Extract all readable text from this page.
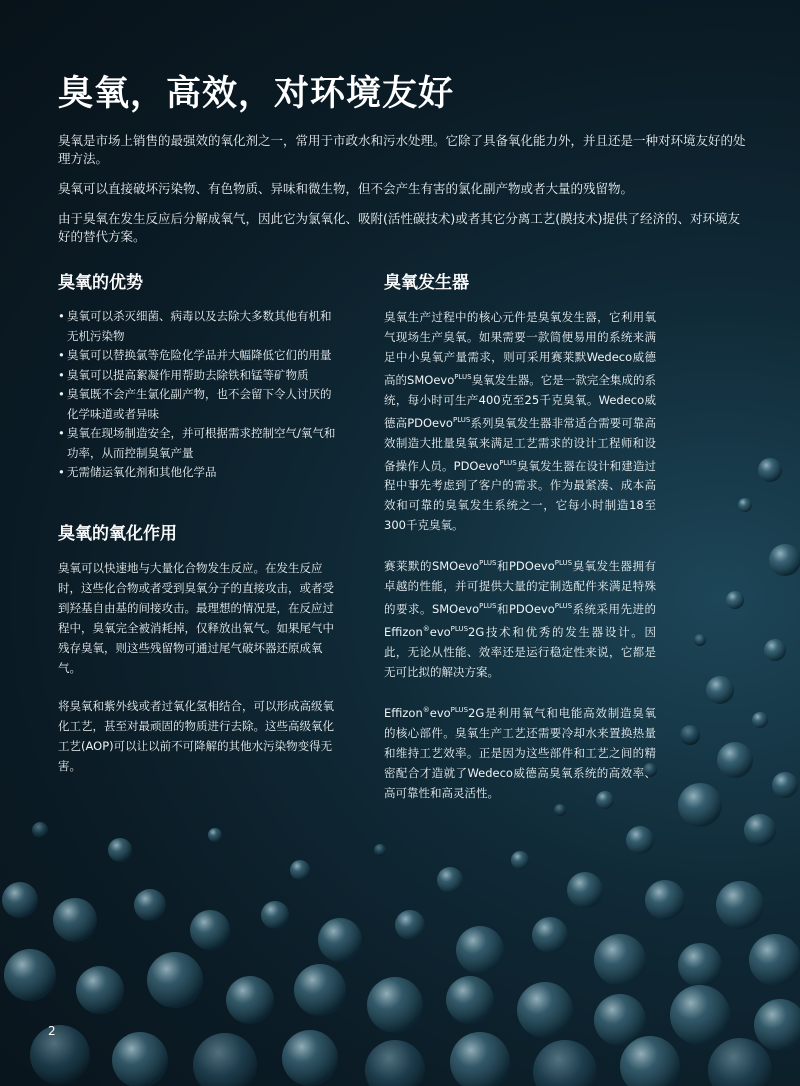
臭氧，高效，对环境友好

臭氧是市场上销售的最强效的氧化剂之一，常用于市政水和污水处理。它除了具备氧化能力外，并且还是一种对环境友好的处理方法。

臭氧可以直接破坏污染物、有色物质、异味和微生物，但不会产生有害的氯化副产物或者大量的残留物。

由于臭氧在发生反应后分解成氧气，因此它为氯氧化、吸附(活性碳技术)或者其它分离工艺(膜技术)提供了经济的、对环境友好的替代方案。

臭氧的优势
• 臭氧可以杀灭细菌、病毒以及去除大多数其他有机和无机污染物
• 臭氧可以替换氯等危险化学品并大幅降低它们的用量
• 臭氧可以提高絮凝作用帮助去除铁和锰等矿物质
• 臭氧既不会产生氯化副产物，也不会留下令人讨厌的化学味道或者异味
• 臭氧在现场制造安全，并可根据需求控制空气/氧气和功率，从而控制臭氧产量
• 无需储运氧化剂和其他化学品
臭氧的氧化作用

臭氧可以快速地与大量化合物发生反应。在发生反应时，这些化合物或者受到臭氧分子的直接攻击，或者受到羟基自由基的间接攻击。最理想的情况是，在反应过程中，臭氧完全被消耗掉，仅释放出氧气。如果尾气中残存臭氧，则这些残留物可通过尾气破坏器还原成氧气。

将臭氧和紫外线或者过氧化氢相结合，可以形成高级氧化工艺，甚至对最顽固的物质进行去除。这些高级氧化工艺(AOP)可以让以前不可降解的其他水污染物变得无害。

臭氧发生器

臭氧生产过程中的核心元件是臭氧发生器，它利用氧气现场生产臭氧。如果需要一款简便易用的系统来满足中小臭氧产量需求，则可采用赛莱默Wedeco威德高的SMOevo$^{PLUS}$臭氧发生器。它是一款完全集成的系统，每小时可生产400克至25千克臭氧。Wedeco威德高PDOevo$^{PLUS}$系列臭氧发生器非常适合需要可靠高效制造大批量臭氧来满足工艺需求的设计工程师和设备操作人员。PDOevo$^{PLUS}$臭氧发生器在设计和建造过程中事先考虑到了客户的需求。作为最紧凑、成本高效和可靠的臭氧发生系统之一，它每小时制造18至300千克臭氧。

赛莱默的SMOevo$^{PLUS}$和PDOevo$^{PLUS}$臭氧发生器拥有卓越的性能，并可提供大量的定制选配件来满足特殊的要求。SMOevo$^{PLUS}$和PDOevo$^{PLUS}$系统采用先进的Effizon®evo$^{PLUS}$2G技术和优秀的发生器设计。因此，无论从性能、效率还是运行稳定性来说，它都是无可比拟的解决方案。

Effizon®evo$^{PLUS}$2G是利用氧气和电能高效制造臭氧的核心部件。臭氧生产工艺还需要冷却水来置换热量和维持工艺效率。正是因为这些部件和工艺之间的精密配合才造就了Wedeco威德高臭氧系统的高效率、高可靠性和高灵活性。

2
